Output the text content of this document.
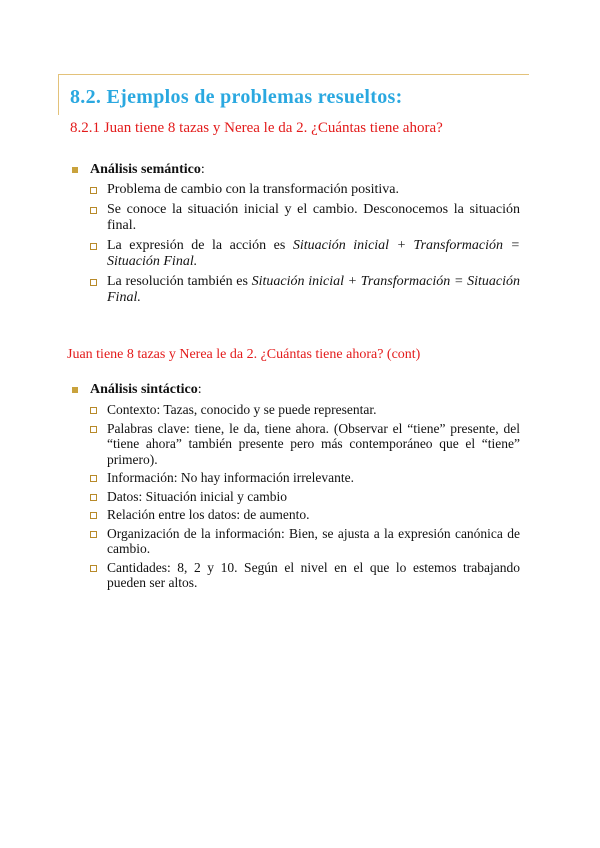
8.2. Ejemplos de problemas resueltos:

8.2.1 Juan tiene 8 tazas y Nerea le da 2. ¿Cuántas tiene ahora?

Análisis semántico :
Problema de cambio con la transformación positiva.
Se conoce la situación inicial y el cambio. Desconocemos la situación final.
La expresión de la acción es Situación inicial + Transformación = Situación Final.
La resolución también es Situación inicial + Transformación = Situación Final.

Juan tiene 8 tazas y Nerea le da 2. ¿Cuántas tiene ahora? (cont)

Análisis sintáctico :
Contexto: Tazas, conocido y se puede representar.
Palabras clave: tiene, le da, tiene ahora. (Observar el “tiene” presente, del “tiene ahora” también presente pero más contemporáneo que el “tiene” primero).
Información: No hay información irrelevante.
Datos: Situación inicial y cambio
Relación entre los datos: de aumento.
Organización de la información: Bien, se ajusta a la expresión canónica de cambio.
Cantidades: 8, 2 y 10. Según el nivel en el que lo estemos trabajando pueden ser altos.
